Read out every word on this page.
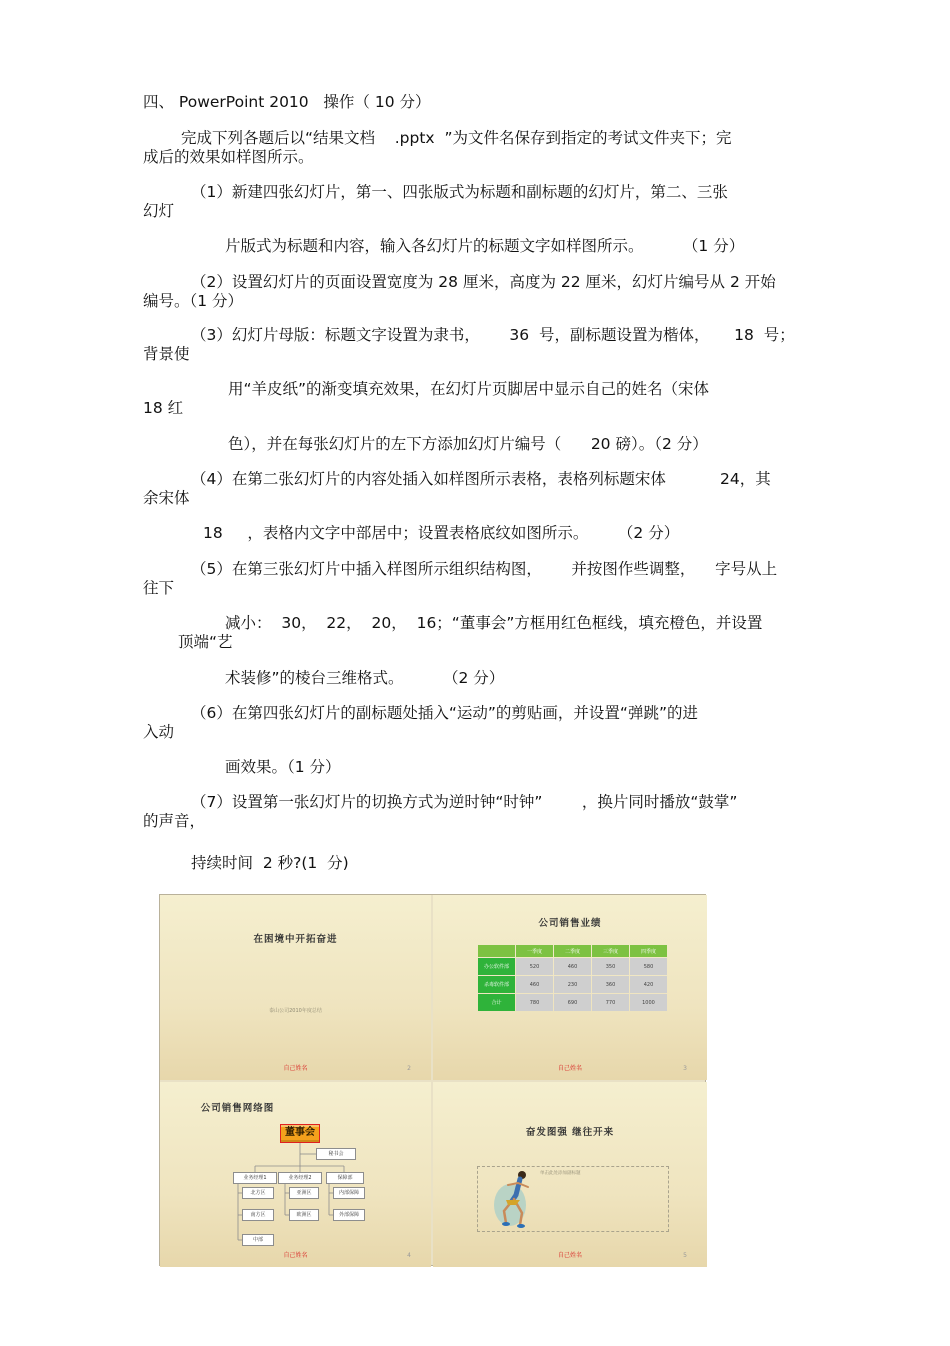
四、 PowerPoint 2010   操作（ 10 分）
完成下列各题后以“结果文档    .pptx  ”为文件名保存到指定的考试文件夹下；完
成后的效果如样图所示。
（1）新建四张幻灯片，第一、四张版式为标题和副标题的幻灯片，第二、三张
幻灯
片版式为标题和内容，输入各幻灯片的标题文字如样图所示。        （1 分）
（2）设置幻灯片的页面设置宽度为 28 厘米，高度为 22 厘米，幻灯片编号从 2 开始
编号。（1 分）
（3）幻灯片母版：标题文字设置为隶书，      36  号，副标题设置为楷体，     18  号；
背景使
用“羊皮纸”的渐变填充效果，在幻灯片页脚居中显示自己的姓名（宋体
18 红
色），并在每张幻灯片的左下方添加幻灯片编号（      20 磅）。（2 分）
（4）在第二张幻灯片的内容处插入如样图所示表格，表格列标题宋体           24，其
余宋体
18     ，表格内文字中部居中；设置表格底纹如图所示。      （2 分）
（5）在第三张幻灯片中插入样图所示组织结构图，      并按图作些调整，    字号从上
往下
减小：  30，  22，  20，  16；“董事会”方框用红色框线，填充橙色，并设置
顶端“艺
术装修”的棱台三维格式。        （2 分）
（6）在第四张幻灯片的副标题处插入“运动”的剪贴画，并设置“弹跳”的进
入动
画效果。（1 分）
（7）设置第一张幻灯片的切换方式为逆时钟“时钟”        ，换片同时播放“鼓掌”
的声音，
持续时间  2 秒?(1  分)
在困境中开拓奋进
泰山公司2010年度总结
自己姓名	2
公司销售业绩
	一季度	二季度	三季度	四季度
办公软件部	520	460	350	580
杀毒软件部	460	230	360	420
合计	780	690	770	1000
自己姓名	3
公司销售网络图
董事会
秘书会
业务经理1	业务经理2	保障部
北方区
南方区
中部
亚洲区
欧洲区
内部保障
外部保障
自己姓名	4
奋发图强 继往开来
单击此处添加副标题
自己姓名	5
